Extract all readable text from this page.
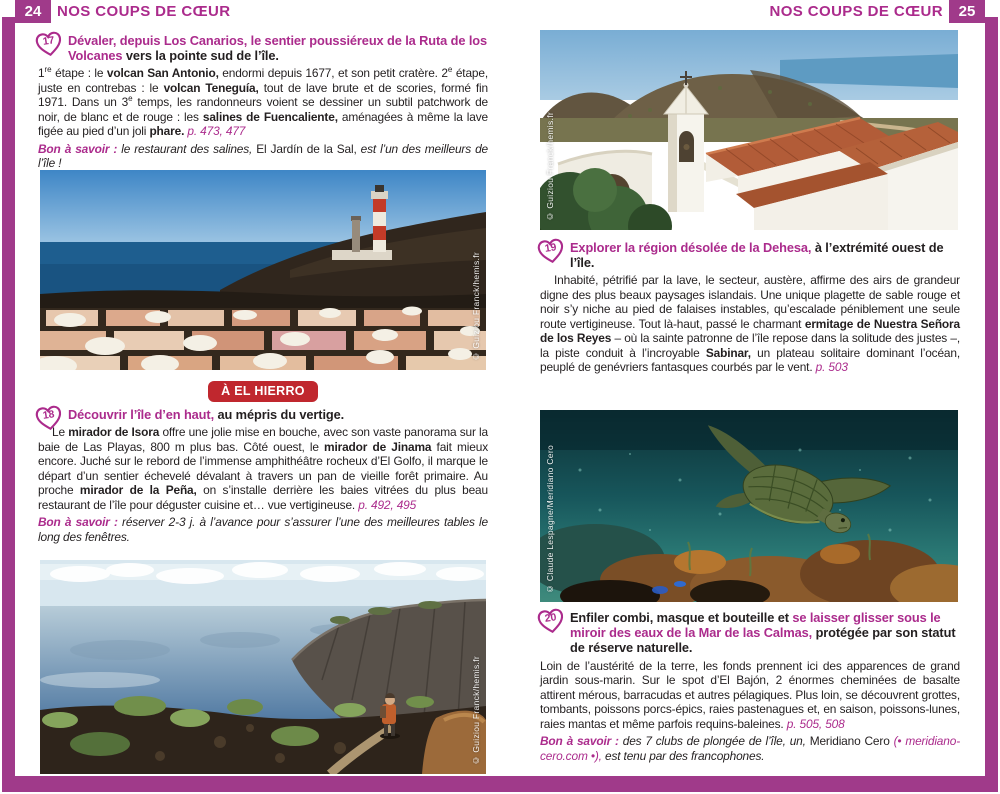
24	NOS COUPS DE CŒUR	NOS COUPS DE CŒUR	25

Dévaler, depuis Los Canarios, le sentier poussiéreux de la Ruta de los Volcanes vers la pointe sud de l’île.

17

1re étape : le volcan San Antonio, endormi depuis 1677, et son petit cratère. 2e étape, juste en contrebas : le volcan Teneguía, tout de lave brute et de scories, formé fin 1971. Dans un 3e temps, les randonneurs voient se dessiner un subtil patchwork de noir, de blanc et de rouge : les salines de Fuencaliente, aménagées à même la lave figée au pied d’un joli phare. p. 473, 477

Bon à savoir : le restaurant des salines, El Jardín de la Sal, est l’un des meilleurs de l’île !

© Guiziou Franck/hemis.fr
À EL HIERRO

Découvrir l’île d’en haut, au mépris du vertige.

18

Le mirador de Isora offre une jolie mise en bouche, avec son vaste panorama sur la baie de Las Playas, 800 m plus bas. Côté ouest, le mirador de Jinama fait mieux encore. Juché sur le rebord de l’immense amphithéâtre rocheux d’El Golfo, il marque le départ d’un sentier échevelé dévalant à travers un pan de vieille forêt primaire. Au proche mirador de la Peña, on s’installe derrière les baies vitrées du plus beau restaurant de l’île pour déguster cuisine et… vue vertigineuse. p. 492, 495

Bon à savoir : réserver 2-3 j. à l’avance pour s’assurer l’une des meilleures tables le long des fenêtres.

© Guiziou Franck/hemis.fr
© Guiziou Franck/hemis.fr

Explorer la région désolée de la Dehesa, à l’extrémité ouest de l’île.

19

Inhabité, pétrifié par la lave, le secteur, austère, affirme des airs de grandeur digne des plus beaux paysages islandais. Une unique plagette de sable rouge et noir s’y niche au pied de falaises instables, qu’escalade péniblement une seule route vertigineuse. Tout là-haut, passé le charmant ermitage de Nuestra Señora de los Reyes – où la sainte patronne de l’île repose dans la solitude des justes –, la piste conduit à l’incroyable Sabinar, un plateau solitaire dominant l’océan, peuplé de genévriers fantasques courbés par le vent. p. 503

© Claude Lespagne/Meridiano Cero

Enfiler combi, masque et bouteille et se laisser glisser sous le miroir des eaux de la Mar de las Calmas, protégée par son statut de réserve naturelle.

20

Loin de l’austérité de la terre, les fonds prennent ici des apparences de grand jardin sous-marin. Sur le spot d’El Bajón, 2 énormes cheminées de basalte attirent mérous, barracudas et autres pélagiques. Plus loin, se découvrent grottes, tombants, poissons porcs-épics, raies pastenagues et, en saison, poissons-lunes, raies mantas et même parfois requins-baleines. p. 505, 508

Bon à savoir : des 7 clubs de plongée de l’île, un, Meridiano Cero (• meridiano-cero.com •), est tenu par des francophones.
